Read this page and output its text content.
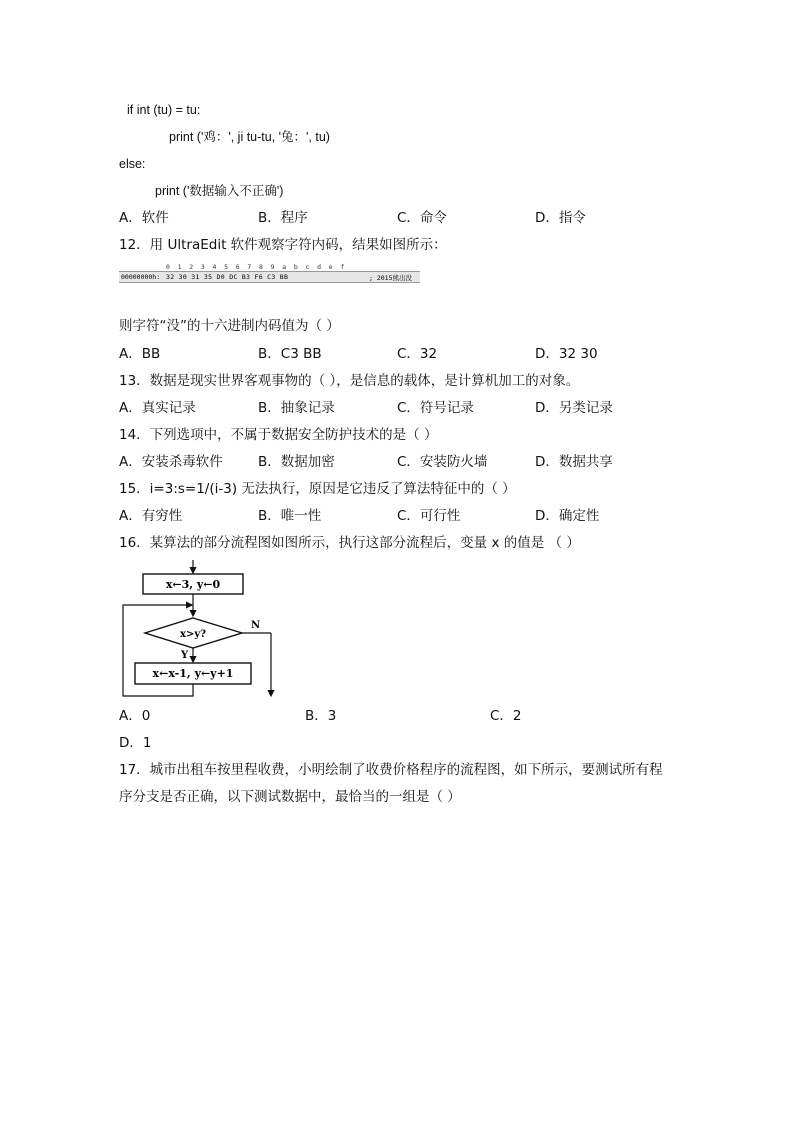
if int (tu) = tu:
print ('鸡：', ji tu-tu, '兔：', tu)
else:
print ('数据输入不正确')
A．软件	B．程序	C．命令	D．指令
12．用 UltraEdit 软件观察字符内码，结果如图所示：
0 1 2 3 4 5 6 7 8 9 a b c d e f
00000000h: 32 30 31 35 D0 DC B3 F6 C3 BB	; 2015熊出没
则字符“没”的十六进制内码值为（ ）
A．BB	B．C3 BB	C．32	D．32 30
13．数据是现实世界客观事物的（ ），是信息的载体，是计算机加工的对象。
A．真实记录	B．抽象记录	C．符号记录	D．另类记录
14．下列选项中，不属于数据安全防护技术的是（ ）
A．安装杀毒软件	B．数据加密	C．安装防火墙	D．数据共享
15．i=3:s=1/(i-3) 无法执行，原因是它违反了算法特征中的（ ）
A．有穷性	B．唯一性	C．可行性	D．确定性
16．某算法的部分流程图如图所示，执行这部分流程后，变量 x 的值是 （ ）
x←3, y←0
x>y?
N
Y
x←x-1, y←y+1
A．0	B．3	C．2
D．1
17．城市出租车按里程收费，小明绘制了收费价格程序的流程图，如下所示，要测试所有程
序分支是否正确，以下测试数据中，最恰当的一组是（ ）
